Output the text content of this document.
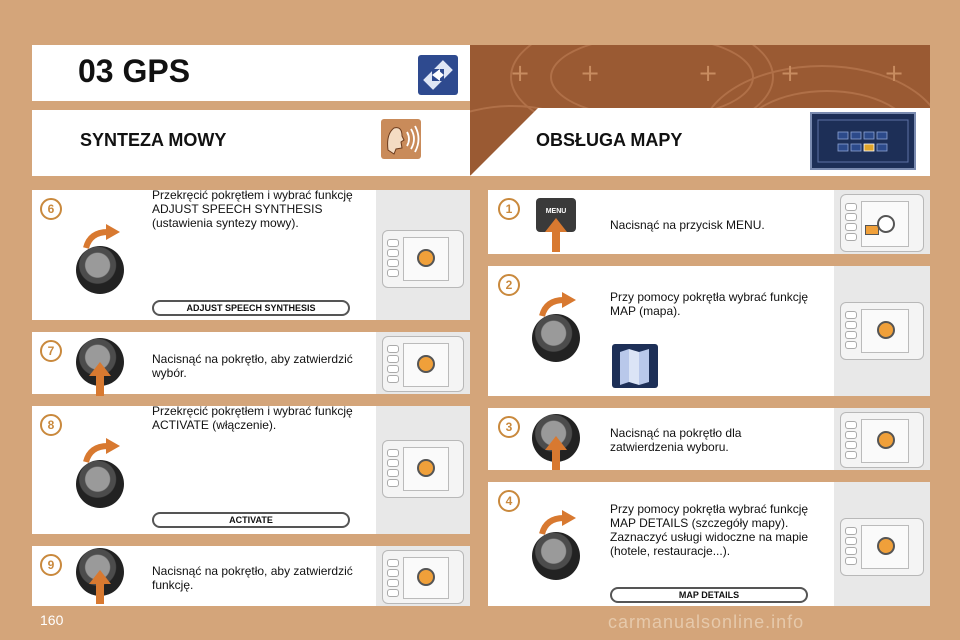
+ +	+	+	+
03 GPS
SYNTEZA MOWY	OBSŁUGA MAPY
6
Przekręcić pokrętłem i wybrać funkcję ADJUST SPEECH SYNTHESIS (ustawienia syntezy mowy).
ADJUST SPEECH SYNTHESIS
7
Nacisnąć na pokrętło, aby zatwierdzić wybór.
8
Przekręcić pokrętłem i wybrać funkcję ACTIVATE (włączenie).
ACTIVATE
9	Nacisnąć na pokrętło, aby zatwierdzić funkcję.
1	MENU
Nacisnąć na przycisk MENU.
2
Przy pomocy pokrętła wybrać funkcję MAP (mapa).
3	Nacisnąć na pokrętło dla zatwierdzenia wyboru.
4
Przy pomocy pokrętła wybrać funkcję MAP DETAILS (szczegóły mapy). Zaznaczyć usługi widoczne na mapie (hotele, restauracje...).
MAP DETAILS
160	carmanualsonline.info
